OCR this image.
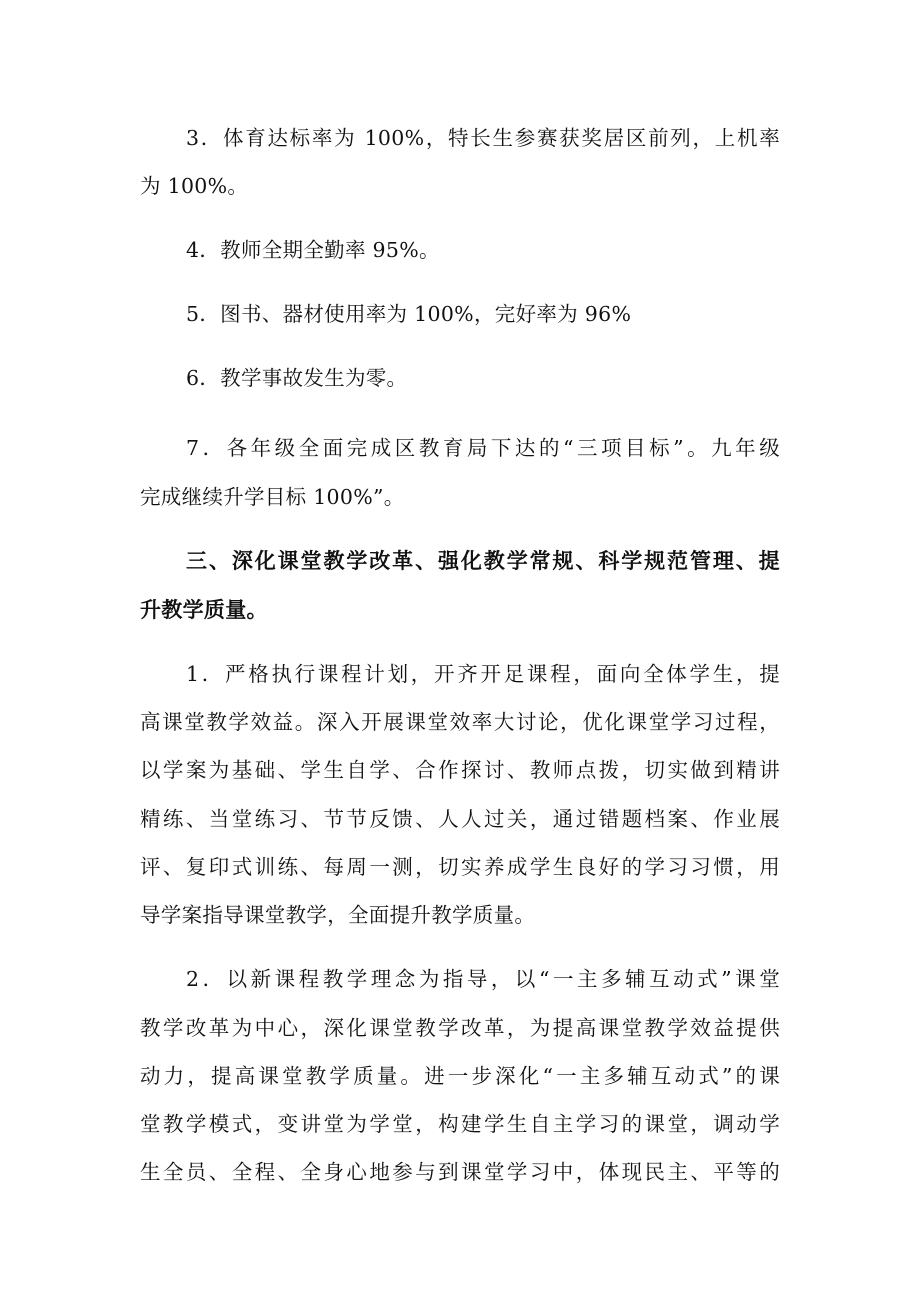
3．体育达标率为 100%，特长生参赛获奖居区前列，上机率
为 100%。
4．教师全期全勤率 95%。
5．图书、器材使用率为 100%，完好率为 96%
6．教学事故发生为零。
7．各年级全面完成区教育局下达的“三项目标”。九年级
完成继续升学目标 100%”。
三、深化课堂教学改革、强化教学常规、科学规范管理、提
升教学质量。
1．严格执行课程计划，开齐开足课程，面向全体学生，提
高课堂教学效益。深入开展课堂效率大讨论，优化课堂学习过程，
以学案为基础、学生自学、合作探讨、教师点拨，切实做到精讲
精练、当堂练习、节节反馈、人人过关，通过错题档案、作业展
评、复印式训练、每周一测，切实养成学生良好的学习习惯，用
导学案指导课堂教学，全面提升教学质量。
2．以新课程教学理念为指导，以“一主多辅互动式”课堂
教学改革为中心，深化课堂教学改革，为提高课堂教学效益提供
动力，提高课堂教学质量。进一步深化“一主多辅互动式”的课
堂教学模式，变讲堂为学堂，构建学生自主学习的课堂，调动学
生全员、全程、全身心地参与到课堂学习中，体现民主、平等的
